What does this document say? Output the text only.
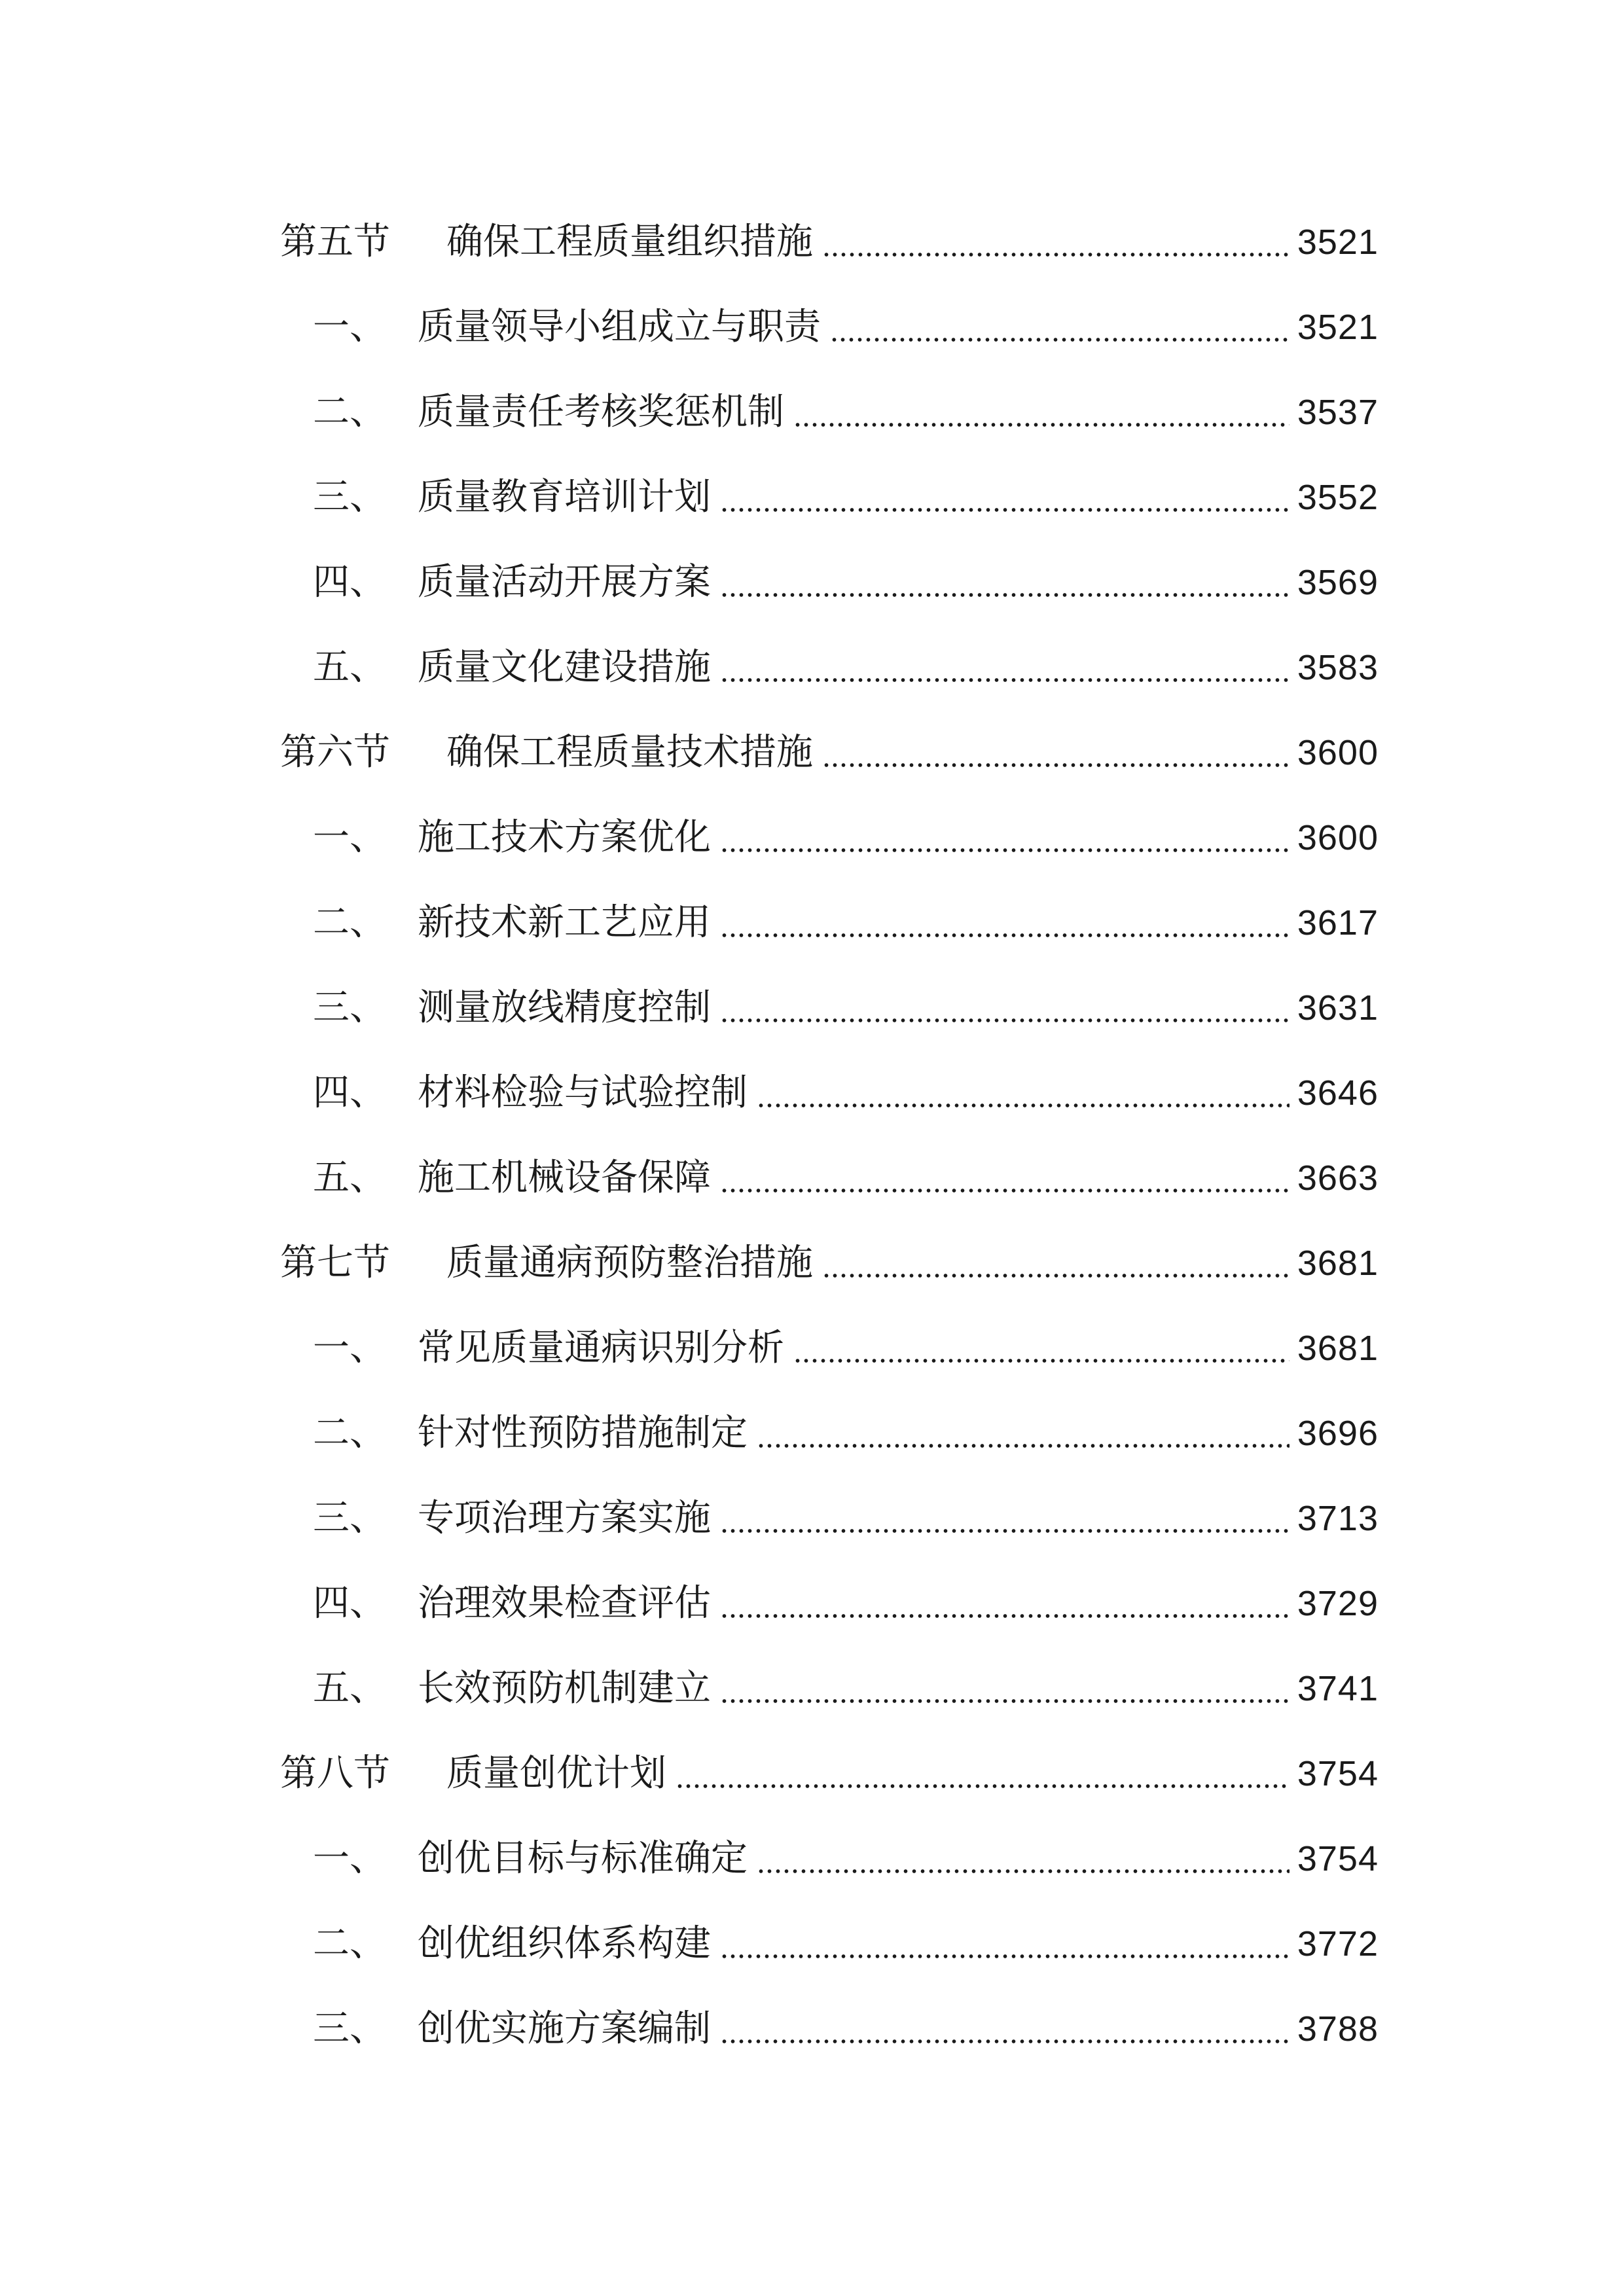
第五节 确保工程质量组织措施	3521
一、 质量领导小组成立与职责	3521
二、 质量责任考核奖惩机制	3537
三、 质量教育培训计划	3552
四、 质量活动开展方案	3569
五、 质量文化建设措施	3583
第六节 确保工程质量技术措施	3600
一、 施工技术方案优化	3600
二、 新技术新工艺应用	3617
三、 测量放线精度控制	3631
四、 材料检验与试验控制	3646
五、 施工机械设备保障	3663
第七节 质量通病预防整治措施	3681
一、 常见质量通病识别分析	3681
二、 针对性预防措施制定	3696
三、 专项治理方案实施	3713
四、 治理效果检查评估	3729
五、 长效预防机制建立	3741
第八节 质量创优计划	3754
一、 创优目标与标准确定	3754
二、 创优组织体系构建	3772
三、 创优实施方案编制	3788
